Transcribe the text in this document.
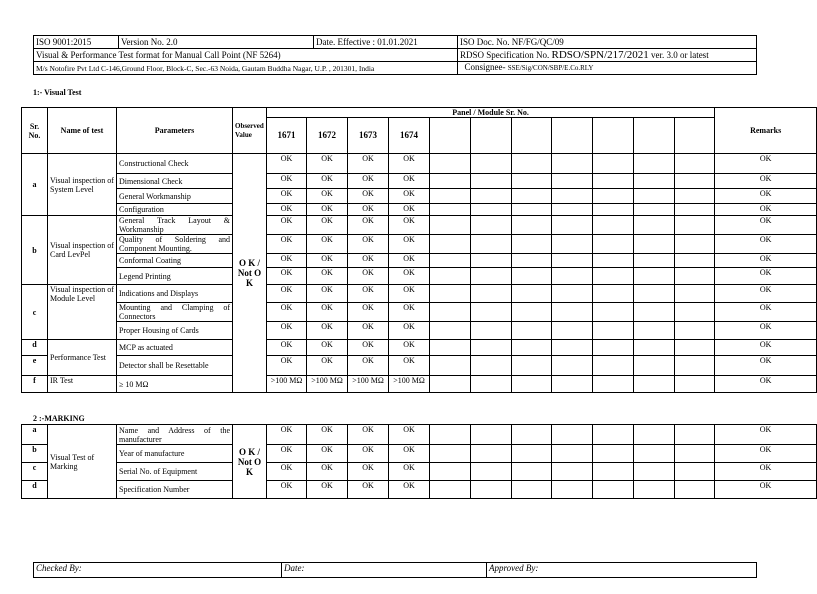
ISO 9001:2015	Version No. 2.0	Date. Effective : 01.01.2021	ISO Doc. No. NF/FG/QC/09
Visual & Performance Test format for Manual Call Point (NF 5264)			RDSO Specification No. RDSO/SPN/217/2021 ver. 3.0 or latest
M/s Notofire Pvt Ltd C-146,Ground Floor, Block-C, Sec.-63 Noida, Gautam Buddha Nagar, U.P. , 201301, India			Consignee- SSE/Sig/CON/SBP/E.Co.RLY
1:- Visual Test
Sr. No.	Name of test	Parameters	Observed Value	Panel / Module Sr. No.											Remarks
				1671	1672	1673	1674								
a	Visual inspection of System Level	Constructional Check	O K / Not O K	OK	OK	OK	OK								OK
		Dimensional Check		OK	OK	OK	OK								OK
		General Workmanship		OK	OK	OK	OK								OK
		Configuration		OK	OK	OK	OK								OK
b	Visual inspection of Card LevPel	General Track Layout & Workmanship		OK	OK	OK	OK								OK
		Quality of Soldering and Component Mounting.		OK	OK	OK	OK								OK
		Conformal Coating		OK	OK	OK	OK								OK
		Legend Printing		OK	OK	OK	OK								OK
c	Visual inspection of Module Level	Indications and Displays		OK	OK	OK	OK								OK
		Mounting and Clamping of Connectors		OK	OK	OK	OK								OK
		Proper Housing of Cards		OK	OK	OK	OK								OK
d	Performance Test	MCP as actuated		OK	OK	OK	OK								OK
e		Detector shall be Resettable		OK	OK	OK	OK								OK
f	IR Test	≥ 10 MΩ		>100 MΩ	>100 MΩ	>100 MΩ	>100 MΩ								OK
2 :-MARKING
a	Visual Test of Marking	Name and Address of the manufacturer	O K / Not O K	OK	OK	OK	OK								OK
b		Year of manufacture		OK	OK	OK	OK								OK
c		Serial No. of Equipment		OK	OK	OK	OK								OK
d		Specification Number		OK	OK	OK	OK								OK
Checked By:	Date:	Approved By:
